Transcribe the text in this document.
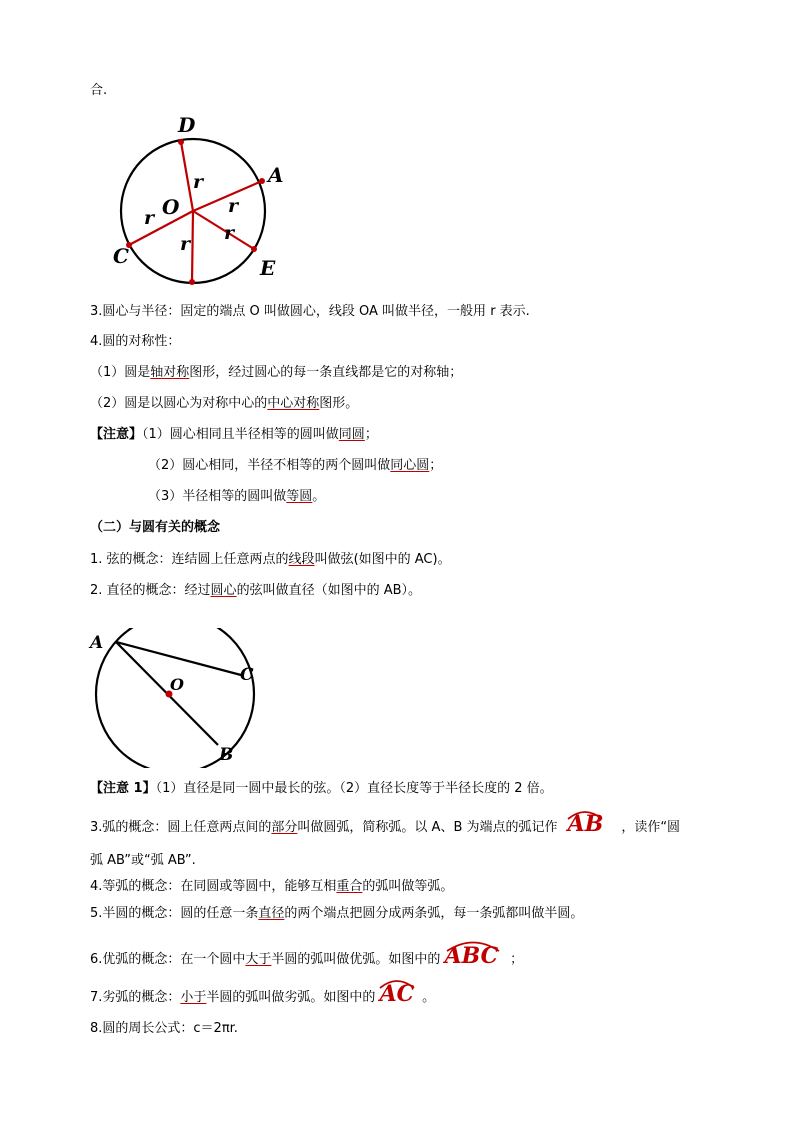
合.
D
A
O
C	E
r
r
r
r
r
3.圆心与半径：固定的端点 O 叫做圆心，线段 OA 叫做半径，一般用 r 表示.
4.圆的对称性：
（1）圆是轴对称图形，经过圆心的每一条直线都是它的对称轴；
（2）圆是以圆心为对称中心的中心对称图形。
【注意】（1）圆心相同且半径相等的圆叫做同圆；
（2）圆心相同，半径不相等的两个圆叫做同心圆；
（3）半径相等的圆叫做等圆。
（二）与圆有关的概念
1. 弦的概念：连结圆上任意两点的线段叫做弦(如图中的 AC)。
2. 直径的概念：经过圆心的弦叫做直径（如图中的 AB）。
A
C
O
B
【注意 1】（1）直径是同一圆中最长的弦。（2）直径长度等于半径长度的 2 倍。
3.弧的概念：圆上任意两点间的部分叫做圆弧，简称弧。以 A、B 为端点的弧记作 AB ，读作“圆
弧 AB”或“弧 AB”.
4.等弧的概念：在同圆或等圆中，能够互相重合的弧叫做等弧。
5.半圆的概念：圆的任意一条直径的两个端点把圆分成两条弧，每一条弧都叫做半圆。
6.优弧的概念：在一个圆中大于半圆的弧叫做优弧。如图中的 ABC ；
7.劣弧的概念：小于半圆的弧叫做劣弧。如图中的 AC 。
8.圆的周长公式：c＝2πr.
